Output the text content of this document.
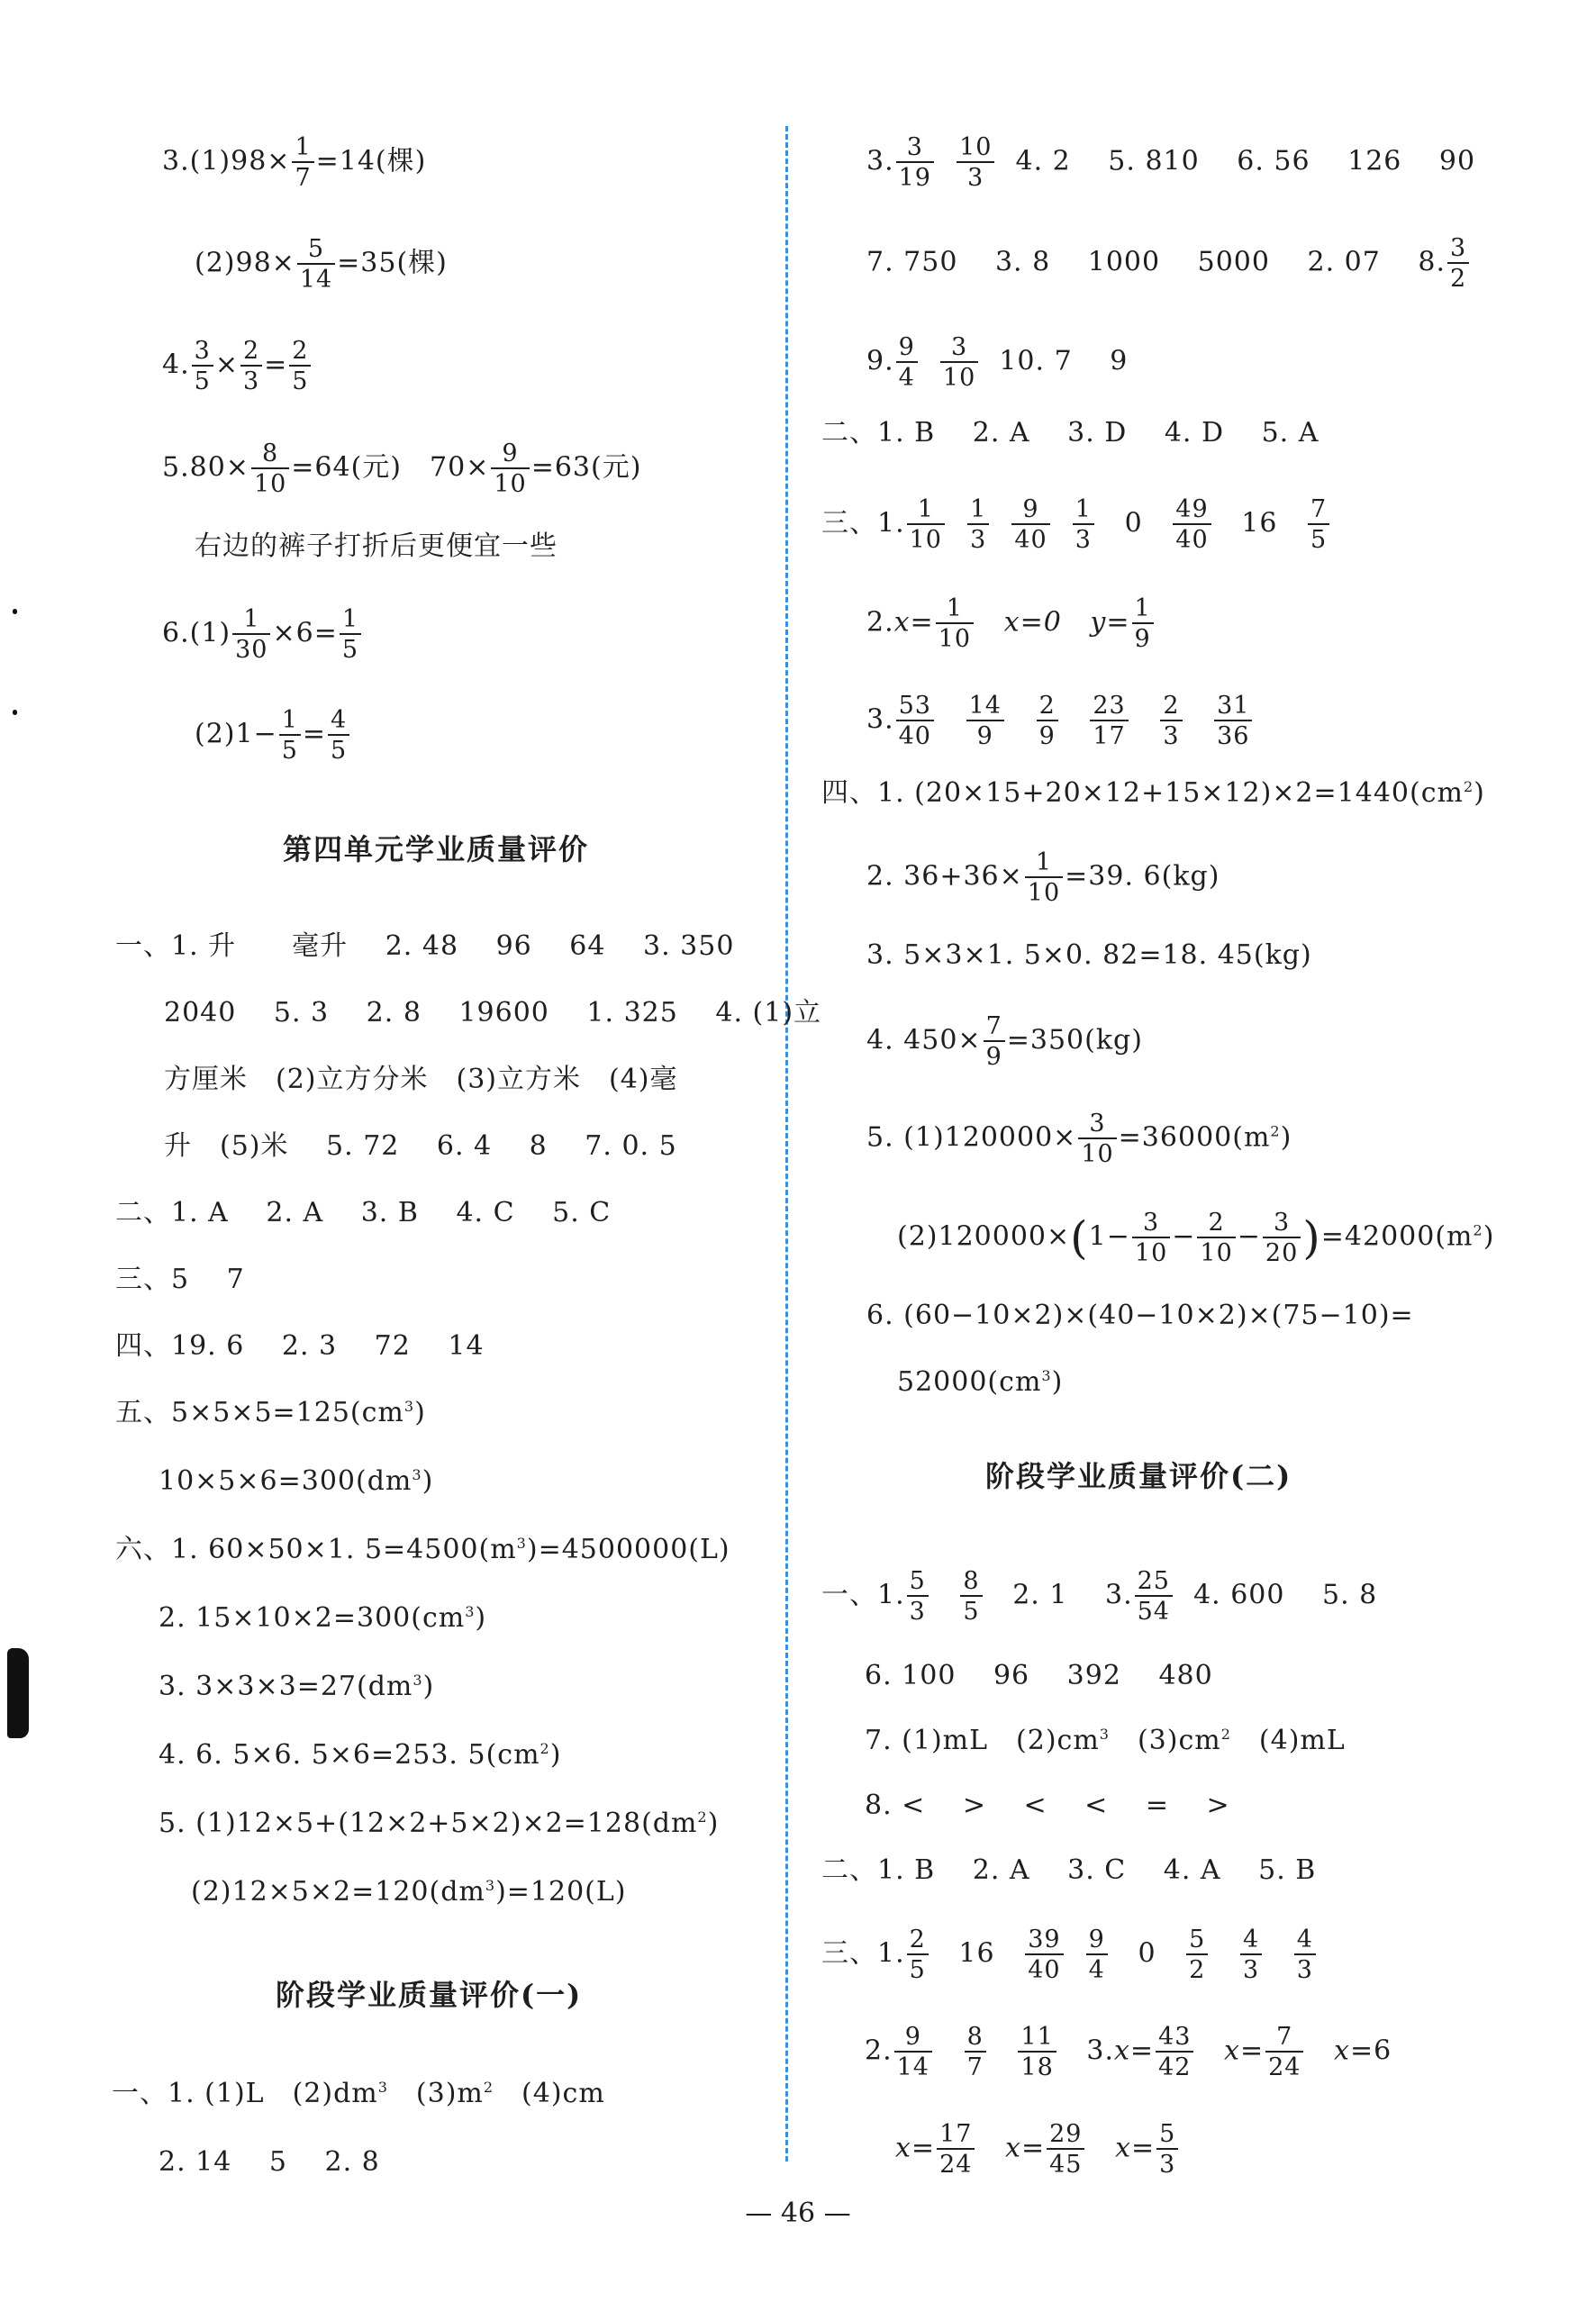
$3.(1)98\times \frac{1}{7} =14$(棵)
$(2)98\times \frac{5}{14} =35$(棵)
4. $\frac{3}{5} \times \frac{2}{3} = \frac{2}{5}$
$5.80\times \frac{8}{10} =64$(元)　$70\times \frac{9}{10} =63$(元)
右边的裤子打折后更便宜一些
$6.(1) \frac{1}{30} \times 6= \frac{1}{5}$
$(2)1- \frac{1}{5} = \frac{4}{5}$
第四单元学业质量评价
一、1. 升　　毫升　 2. 48　 96　 64　 3. 350
2040　 5. 3　 2. 8　 19600　 1. 325　 4. (1)立
方厘米　(2)立方分米　(3)立方米　(4)毫
升　(5)米　 5. 72　 6. 4　 8　 7. 0. 5
二、1. A　 2. A　 3. B　 4. C　 5. C
三、5　 7
四、19. 6　 2. 3　 72　 14
五、$5\times 5\times 5=125(cm^3)$
$10\times 5\times 6=300(dm^3)$
六、1. 60×50×1. $5=4500(m^3)=4500000(L)$
2. $15\times 10\times 2=300(cm^3)$
3. $3\times 3\times 3=27(dm^3)$
4. 6. 5×6. 5×6=253. $5(cm^2)$
5. $(1)12\times 5+(12\times 2+5\times 2)\times 2=128(dm^2)$
$(2)12\times 5\times 2=120(dm^3)=120(L)$
阶段学业质量评价(一)
一、1. (1)L　$(2)dm^3$　$(3)m^2$　(4)cm
2. 14　 5　 2. 8
3. $\frac{3}{19}$
$\frac{10}{3} 4$. 2　 5. 810　 6. 56　 126　 90
7. 750　 3. 8　 1000　 5000　 2. 07　 8. $\frac{3}{2}$
9. $\frac{9}{4}$
$\frac{3}{10} 10$. 7　 9
二、1. B　 2. A　 3. D　 4. D　 5. A
三、1. $\frac{1}{10}$
$\frac{1}{3}$
$\frac{9}{40}$
$\frac{1}{3} 0 \frac{49}{40} 16 \frac{7}{5}$
$2.x= \frac{1}{10} x=0$ $y= \frac{1}{9}$
3. $\frac{53}{40}$
$\frac{14}{9}$
$\frac{2}{9}$
$\frac{23}{17}$
$\frac{2}{3}$
$\frac{31}{36}$
四、1. $(20\times 15+20\times 12+15\times 12)\times 2=1440(cm^2)$
2. $36+36\times \frac{1}{10} =39$. 6(kg)
3. 5×3×1. 5×0. 82=18. 45(kg)
4. $450\times \frac{7}{9} =350(kg)$
5. $(1)120000\times \frac{3}{10} =36000(m^2)$
$(2)120000\times(1- \frac{3}{10} - \frac{2}{10} - \frac{3}{20} )=42000(m^2)$
6. (60−10×2)×(40−10×2)×(75−10)=
$52000(cm^3)$
阶段学业质量评价(二)
一、1. $\frac{5}{3}$
$\frac{8}{5} 2$. 1　 3. $\frac{25}{54} 4$. 600　 5. 8
6. 100　 96　 392　 480
7. (1)mL　$(2)cm^3$　$(3)cm^2$　(4)mL
8. <　 >　 <　 <　 =　 >
二、1. B　 2. A　 3. C　 4. A　 5. B
三、1. $\frac{2}{5} 16 \frac{39}{40}$
$\frac{9}{4} 0 \frac{5}{2}$
$\frac{4}{3}$
$\frac{4}{3}$
2. $\frac{9}{14}$
$\frac{8}{7}$
$\frac{11}{18} 3.x= \frac{43}{42} x= \frac{7}{24} x=6$
$x= \frac{17}{24} x= \frac{29}{45} x= \frac{5}{3}$
— 46 —
